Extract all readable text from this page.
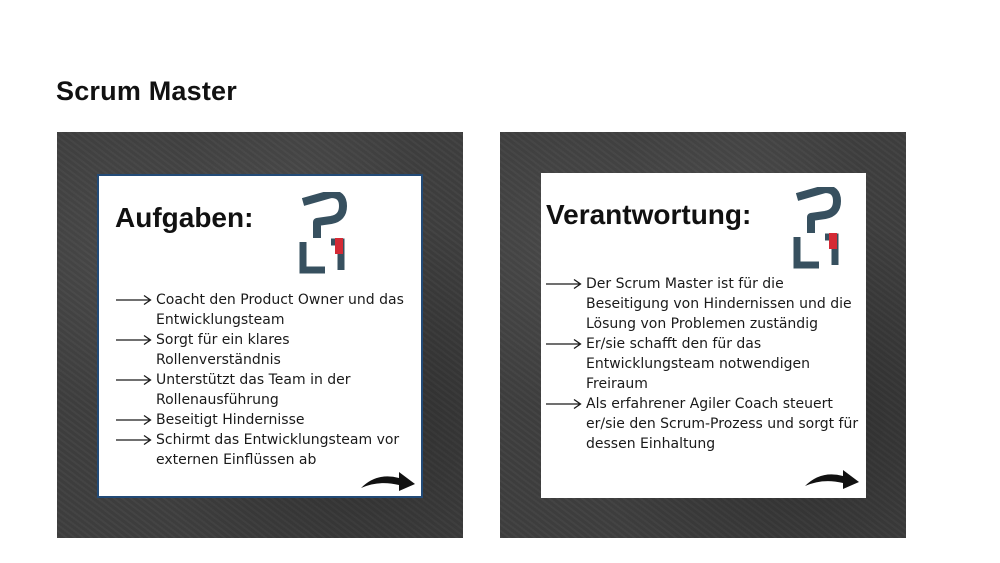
Scrum Master
Aufgaben:
Coacht den Product Owner und das Entwicklungsteam
Sorgt für ein klares Rollenverständnis
Unterstützt das Team in der Rollenausführung
Beseitigt Hindernisse
Schirmt das Entwicklungsteam vor externen Einflüssen ab
Verantwortung:
Der Scrum Master ist für die Beseitigung von Hindernissen und die Lösung von Problemen zuständig
Er/sie schafft den für das Entwicklungsteam notwendigen Freiraum
Als erfahrener Agiler Coach steuert er/sie den Scrum-Prozess und sorgt für dessen Einhaltung
